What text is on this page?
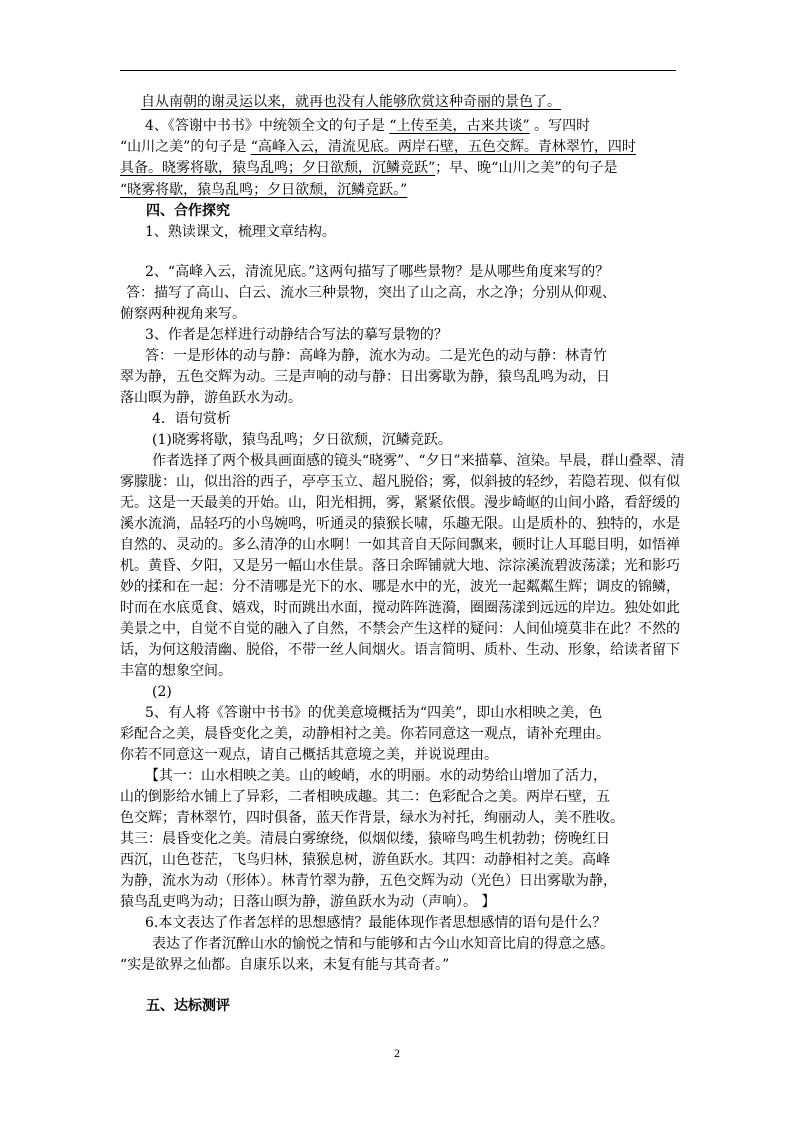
自从南朝的谢灵运以来，就再也没有人能够欣赏这种奇丽的景色了。
4、《答谢中书书》中统领全文的句子是 “上传至美，古来共谈” 。写四时
“山川之美”的句子是 “高峰入云，清流见底。两岸石壁，五色交辉。青林翠竹，四时
具备。晓雾将歇，猿鸟乱鸣；夕日欲颓，沉鳞竞跃”；早、晚“山川之美”的句子是
“晓雾将歇，猿鸟乱鸣；夕日欲颓，沉鳞竞跃。”
四、合作探究
1、熟读课文，梳理文章结构。
2、“高峰入云，清流见底。”这两句描写了哪些景物？是从哪些角度来写的？
答：描写了高山、白云、流水三种景物，突出了山之高，水之净；分别从仰观、
俯察两种视角来写。
3、作者是怎样进行动静结合写法的摹写景物的？
答：一是形体的动与静：高峰为静，流水为动。二是光色的动与静：林青竹
翠为静，五色交辉为动。三是声响的动与静：日出雾歇为静，猿鸟乱鸣为动，日
落山暝为静，游鱼跃水为动。
4．语句赏析
(1)晓雾将歇，猿鸟乱鸣；夕日欲颓，沉鳞竞跃。
作者选择了两个极具画面感的镜头“晓雾”、“夕日”来描摹、渲染。早晨，群山叠翠、清
雾朦胧：山，似出浴的西子，亭亭玉立、超凡脱俗；雾，似斜披的轻纱，若隐若现、似有似
无。这是一天最美的开始。山，阳光相拥，雾，紧紧依偎。漫步崎岖的山间小路，看舒缓的
溪水流淌，品轻巧的小鸟婉鸣，听通灵的猿猴长啸，乐趣无限。山是质朴的、独特的，水是
自然的、灵动的。多么清净的山水啊！一如其音自天际间飘来，顿时让人耳聪目明，如悟禅
机。黄昏、夕阳，又是另一幅山水佳景。落日余晖铺就大地、淙淙溪流碧波荡漾；光和影巧
妙的揉和在一起：分不清哪是光下的水、哪是水中的光，波光一起粼粼生辉；调皮的锦鳞，
时而在水底觅食、嬉戏，时而跳出水面，搅动阵阵涟漪，圈圈荡漾到远远的岸边。独处如此
美景之中，自觉不自觉的融入了自然，不禁会产生这样的疑问：人间仙境莫非在此？不然的
话，为何这般清幽、脱俗，不带一丝人间烟火。语言简明、质朴、生动、形象，给读者留下
丰富的想象空间。
(2)
5、有人将《答谢中书书》的优美意境概括为“四美”，即山水相映之美，色
彩配合之美，晨昏变化之美，动静相衬之美。你若同意这一观点，请补充理由。
你若不同意这一观点，请自己概括其意境之美，并说说理由。
【其一：山水相映之美。山的峻峭，水的明丽。水的动势给山增加了活力，
山的倒影给水铺上了异彩，二者相映成趣。其二：色彩配合之美。两岸石壁，五
色交辉；青林翠竹，四时俱备，蓝天作背景，绿水为衬托，绚丽动人，美不胜收。
其三：晨昏变化之美。清晨白雾缭绕，似烟似缕，猿啼鸟鸣生机勃勃；傍晚红日
西沉，山色苍茫，飞鸟归林，猿猴息树，游鱼跃水。其四：动静相衬之美。高峰
为静，流水为动（形体）。林青竹翠为静，五色交辉为动（光色）日出雾歇为静，
猿鸟乱吏鸣为动；日落山暝为静，游鱼跃水为动（声响）。 】
6.本文表达了作者怎样的思想感情？最能体现作者思想感情的语句是什么？
表达了作者沉醉山水的愉悦之情和与能够和古今山水知音比肩的得意之感。
“实是欲界之仙都。自康乐以来，未复有能与其奇者。”
五、达标测评
2
